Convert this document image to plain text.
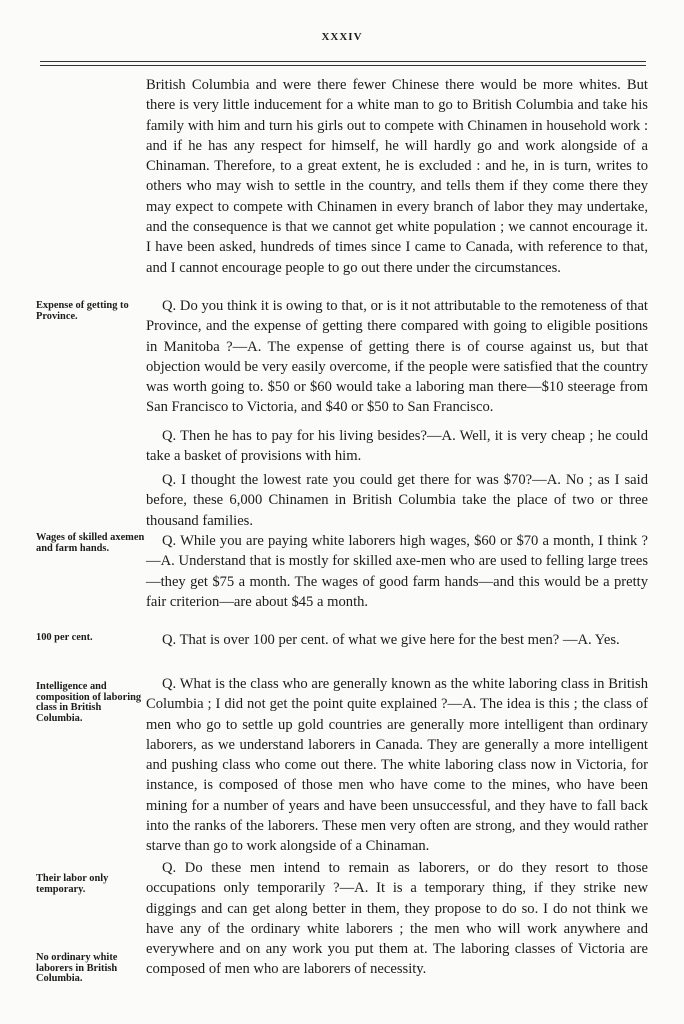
XXXIV

British Columbia and were there fewer Chinese there would be more whites. But there is very little inducement for a white man to go to British Columbia and take his family with him and turn his girls out to compete with Chinamen in household work : and if he has any respect for himself, he will hardly go and work alongside of a Chinaman. Therefore, to a great extent, he is excluded : and he, in is turn, writes to others who may wish to settle in the country, and tells them if they come there they may expect to compete with Chinamen in every branch of labor they may undertake, and the consequence is that we cannot get white population ; we cannot encourage it. I have been asked, hundreds of times since I came to Canada, with reference to that, and I cannot encourage people to go out there under the circumstances.

Q. Do you think it is owing to that, or is it not attributable to the remoteness of that Province, and the expense of getting there compared with going to eligible positions in Manitoba ?—A. The expense of getting there is of course against us, but that objection would be very easily overcome, if the people were satisfied that the country was worth going to. $50 or $60 would take a laboring man there—$10 steerage from San Francisco to Victoria, and $40 or $50 to San Francisco.

Q. Then he has to pay for his living besides?—A. Well, it is very cheap ; he could take a basket of provisions with him.

Q. I thought the lowest rate you could get there for was $70?—A. No ; as I said before, these 6,000 Chinamen in British Columbia take the place of two or three thousand families.

Q. While you are paying white laborers high wages, $60 or $70 a month, I think ?—A. Understand that is mostly for skilled axe-men who are used to felling large trees—they get $75 a month. The wages of good farm hands—and this would be a pretty fair criterion—are about $45 a month.

Q. That is over 100 per cent. of what we give here for the best men? —A. Yes.

Q. What is the class who are generally known as the white laboring class in British Columbia ; I did not get the point quite explained ?—A. The idea is this ; the class of men who go to settle up gold countries are generally more intelligent than ordinary laborers, as we understand laborers in Canada. They are generally a more intelligent and pushing class who come out there. The white laboring class now in Victoria, for instance, is composed of those men who have come to the mines, who have been mining for a number of years and have been unsuccessful, and they have to fall back into the ranks of the laborers. These men very often are strong, and they would rather starve than go to work alongside of a Chinaman.

Q. Do these men intend to remain as laborers, or do they resort to those occupations only temporarily ?—A. It is a temporary thing, if they strike new diggings and can get along better in them, they propose to do so. I do not think we have any of the ordinary white laborers ; the men who will work anywhere and everywhere and on any work you put them at. The laboring classes of Victoria are composed of men who are laborers of necessity.

Expense of getting to Province.

Wages of skilled axemen and farm hands.

100 per cent.

Intelligence and composition of laboring class in British Columbia.

Their labor only temporary.

No ordinary white laborers in British Columbia.
